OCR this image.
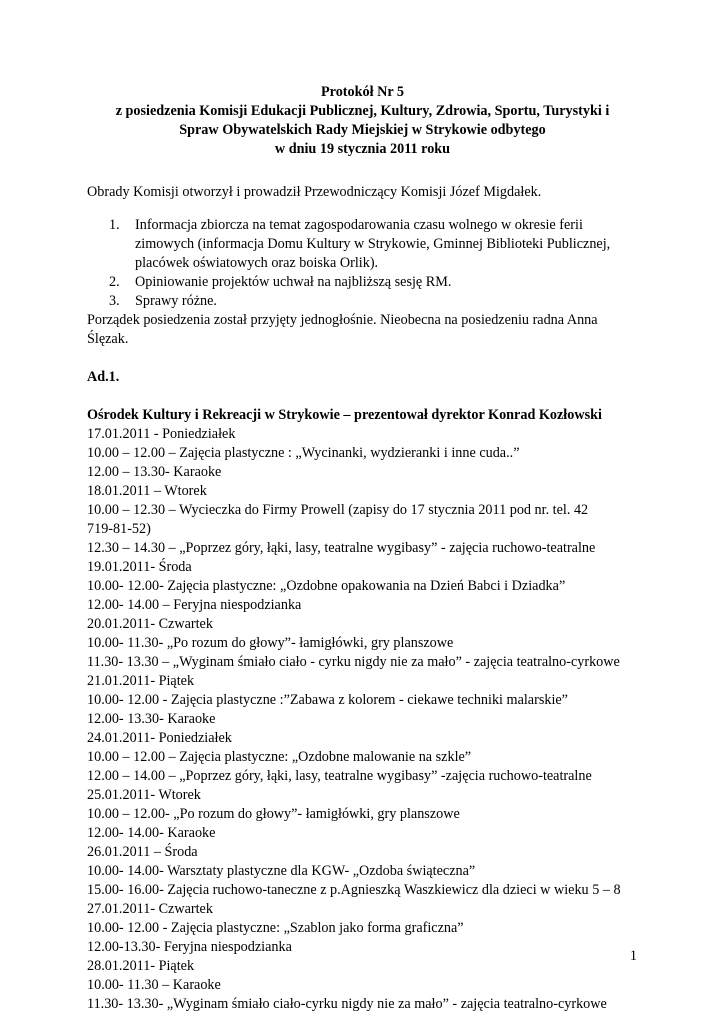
Protokół Nr 5
z posiedzenia Komisji Edukacji Publicznej, Kultury, Zdrowia, Sportu, Turystyki i
Spraw Obywatelskich Rady Miejskiej w Strykowie odbytego
w dniu 19 stycznia 2011 roku

Obrady Komisji otworzył i prowadził Przewodniczący Komisji Józef Migdałek.

1. Informacja zbiorcza na temat zagospodarowania czasu wolnego w okresie ferii
zimowych (informacja Domu Kultury w Strykowie, Gminnej Biblioteki Publicznej,
placówek oświatowych oraz boiska Orlik).
2. Opiniowanie projektów uchwał na najbliższą sesję RM.
3. Sprawy różne.

Porządek posiedzenia został przyjęty jednogłośnie. Nieobecna na posiedzeniu radna Anna

Ślęzak.

Ad.1.

Ośrodek Kultury i Rekreacji w Strykowie – prezentował dyrektor Konrad Kozłowski

17.01.2011 - Poniedziałek
10.00 – 12.00 – Zajęcia plastyczne : „Wycinanki, wydzieranki i inne cuda..”
12.00 – 13.30- Karaoke
18.01.2011 – Wtorek
10.00 – 12.30 – Wycieczka do Firmy Prowell (zapisy do 17 stycznia 2011 pod nr. tel. 42
719-81-52)
12.30 – 14.30 – „Poprzez góry, łąki, lasy, teatralne wygibasy” - zajęcia ruchowo-teatralne
19.01.2011- Środa
10.00- 12.00- Zajęcia plastyczne: „Ozdobne opakowania na Dzień Babci i Dziadka”
12.00- 14.00 – Feryjna niespodzianka
20.01.2011- Czwartek
10.00- 11.30- „Po rozum do głowy”- łamigłówki, gry planszowe
11.30- 13.30 – „Wyginam śmiało ciało - cyrku nigdy nie za mało” - zajęcia teatralno-cyrkowe
21.01.2011- Piątek
10.00- 12.00 - Zajęcia plastyczne :”Zabawa z kolorem - ciekawe techniki malarskie”
12.00- 13.30- Karaoke
24.01.2011- Poniedziałek
10.00 – 12.00 – Zajęcia plastyczne: „Ozdobne malowanie na szkle”
12.00 – 14.00 – „Poprzez góry, łąki, lasy, teatralne wygibasy” -zajęcia ruchowo-teatralne
25.01.2011- Wtorek
10.00 – 12.00- „Po rozum do głowy”- łamigłówki, gry planszowe
12.00- 14.00- Karaoke
26.01.2011 – Środa
10.00- 14.00- Warsztaty plastyczne dla KGW- „Ozdoba świąteczna”
15.00- 16.00- Zajęcia ruchowo-taneczne z p.Agnieszką Waszkiewicz dla dzieci w wieku 5 – 8
27.01.2011- Czwartek
10.00- 12.00 - Zajęcia plastyczne: „Szablon jako forma graficzna”
12.00-13.30- Feryjna niespodzianka
28.01.2011- Piątek
10.00- 11.30 – Karaoke
11.30- 13.30- „Wyginam śmiało ciało-cyrku nigdy nie za mało” - zajęcia teatralno-cyrkowe
1
